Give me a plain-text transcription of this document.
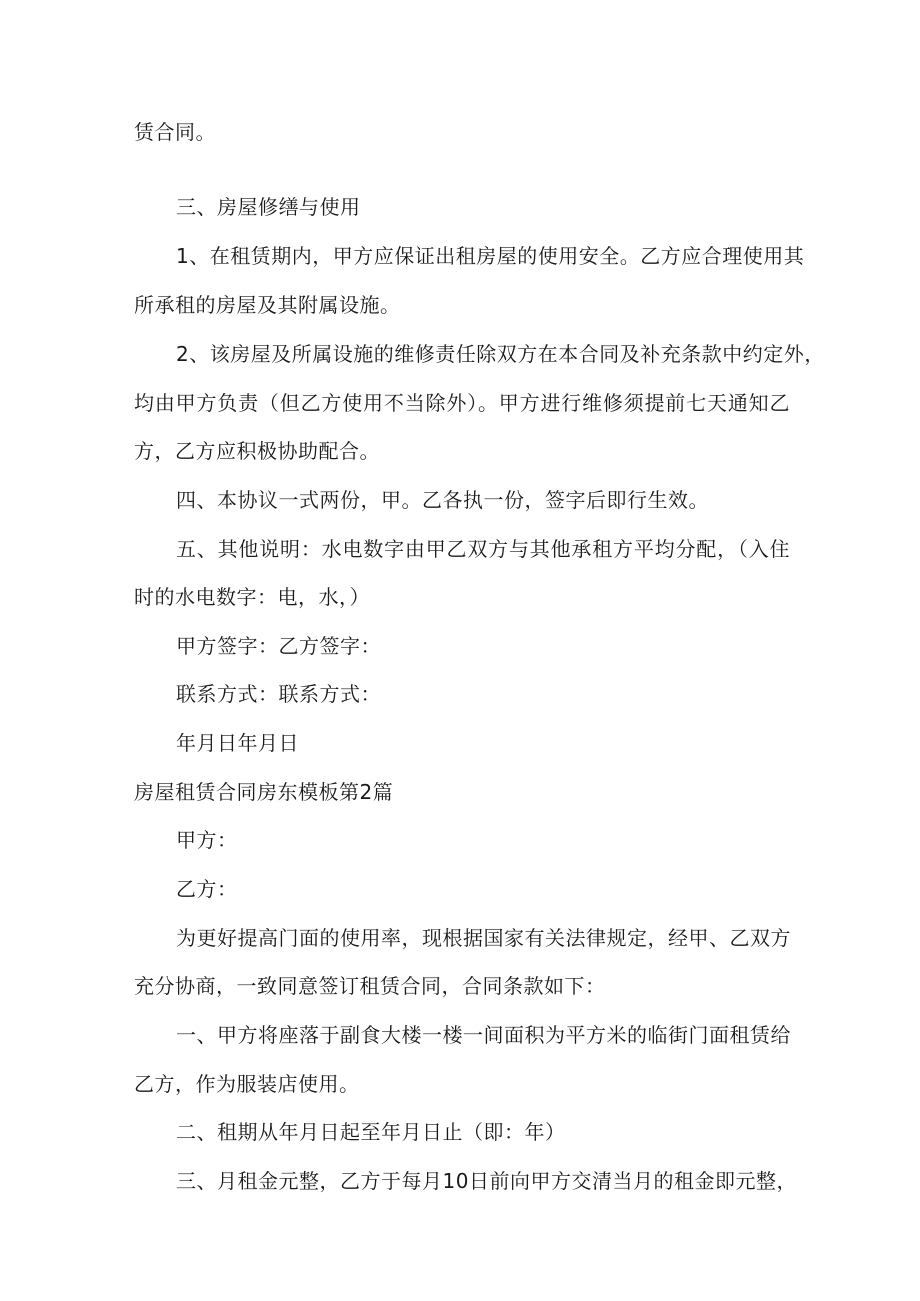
赁合同。
三、房屋修缮与使用
1、在租赁期内，甲方应保证出租房屋的使用安全。乙方应合理使用其
所承租的房屋及其附属设施。
2、该房屋及所属设施的维修责任除双方在本合同及补充条款中约定外，
均由甲方负责（但乙方使用不当除外）。甲方进行维修须提前七天通知乙
方，乙方应积极协助配合。
四、本协议一式两份，甲。乙各执一份，签字后即行生效。
五、其他说明：水电数字由甲乙双方与其他承租方平均分配，（入住
时的水电数字：电，水，）
甲方签字：乙方签字：
联系方式：联系方式：
年月日年月日
房屋租赁合同房东模板第2篇
甲方：
乙方：
为更好提高门面的使用率，现根据国家有关法律规定，经甲、乙双方
充分协商，一致同意签订租赁合同，合同条款如下：
一、甲方将座落于副食大楼一楼一间面积为平方米的临街门面租赁给
乙方，作为服装店使用。
二、租期从年月日起至年月日止（即：年）
三、月租金元整，乙方于每月10日前向甲方交清当月的租金即元整，
